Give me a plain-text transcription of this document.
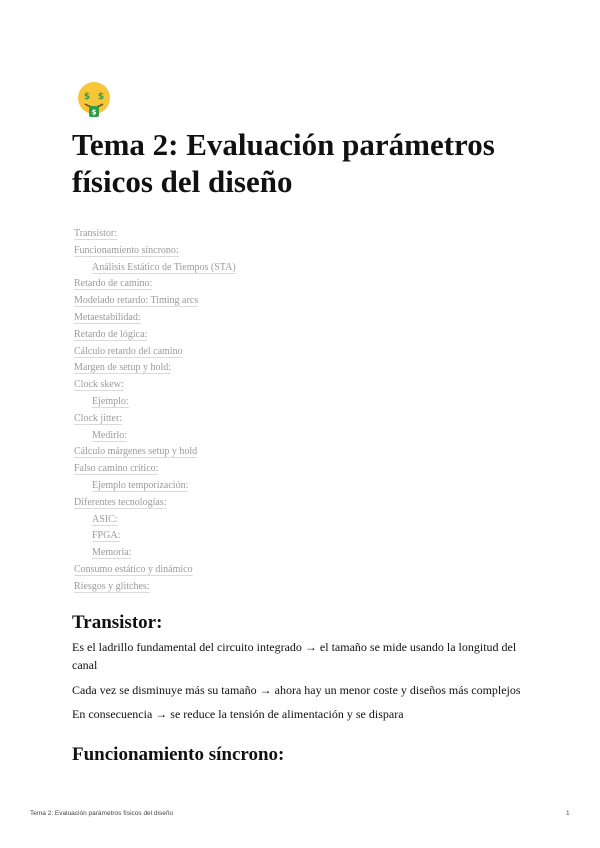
$ $
$
Tema 2: Evaluación parámetros físicos del diseño
Transistor:
Funcionamiento síncrono:
Análisis Estático de Tiempos (STA)
Retardo de camino:
Modelado retardo: Timing arcs
Metaestabilidad:
Retardo de lógica:
Cálculo retardo del camino
Margen de setup y hold:
Clock skew:
Ejemplo:
Clock jitter:
Medirlo:
Cálculo márgenes setup y hold
Falso camino crítico:
Ejemplo temporización:
Diferentes tecnologías:
ASIC:
FPGA:
Memoria:
Consumo estático y dinámico
Riesgos y glitches:
Transistor:

Es el ladrillo fundamental del circuito integrado → el tamaño se mide usando la longitud del canal

Cada vez se disminuye más su tamaño → ahora hay un menor coste y diseños más complejos

En consecuencia → se reduce la tensión de alimentación y se dispara

Funcionamiento síncrono:
Tema 2: Evaluación parámetros físicos del diseño	1
